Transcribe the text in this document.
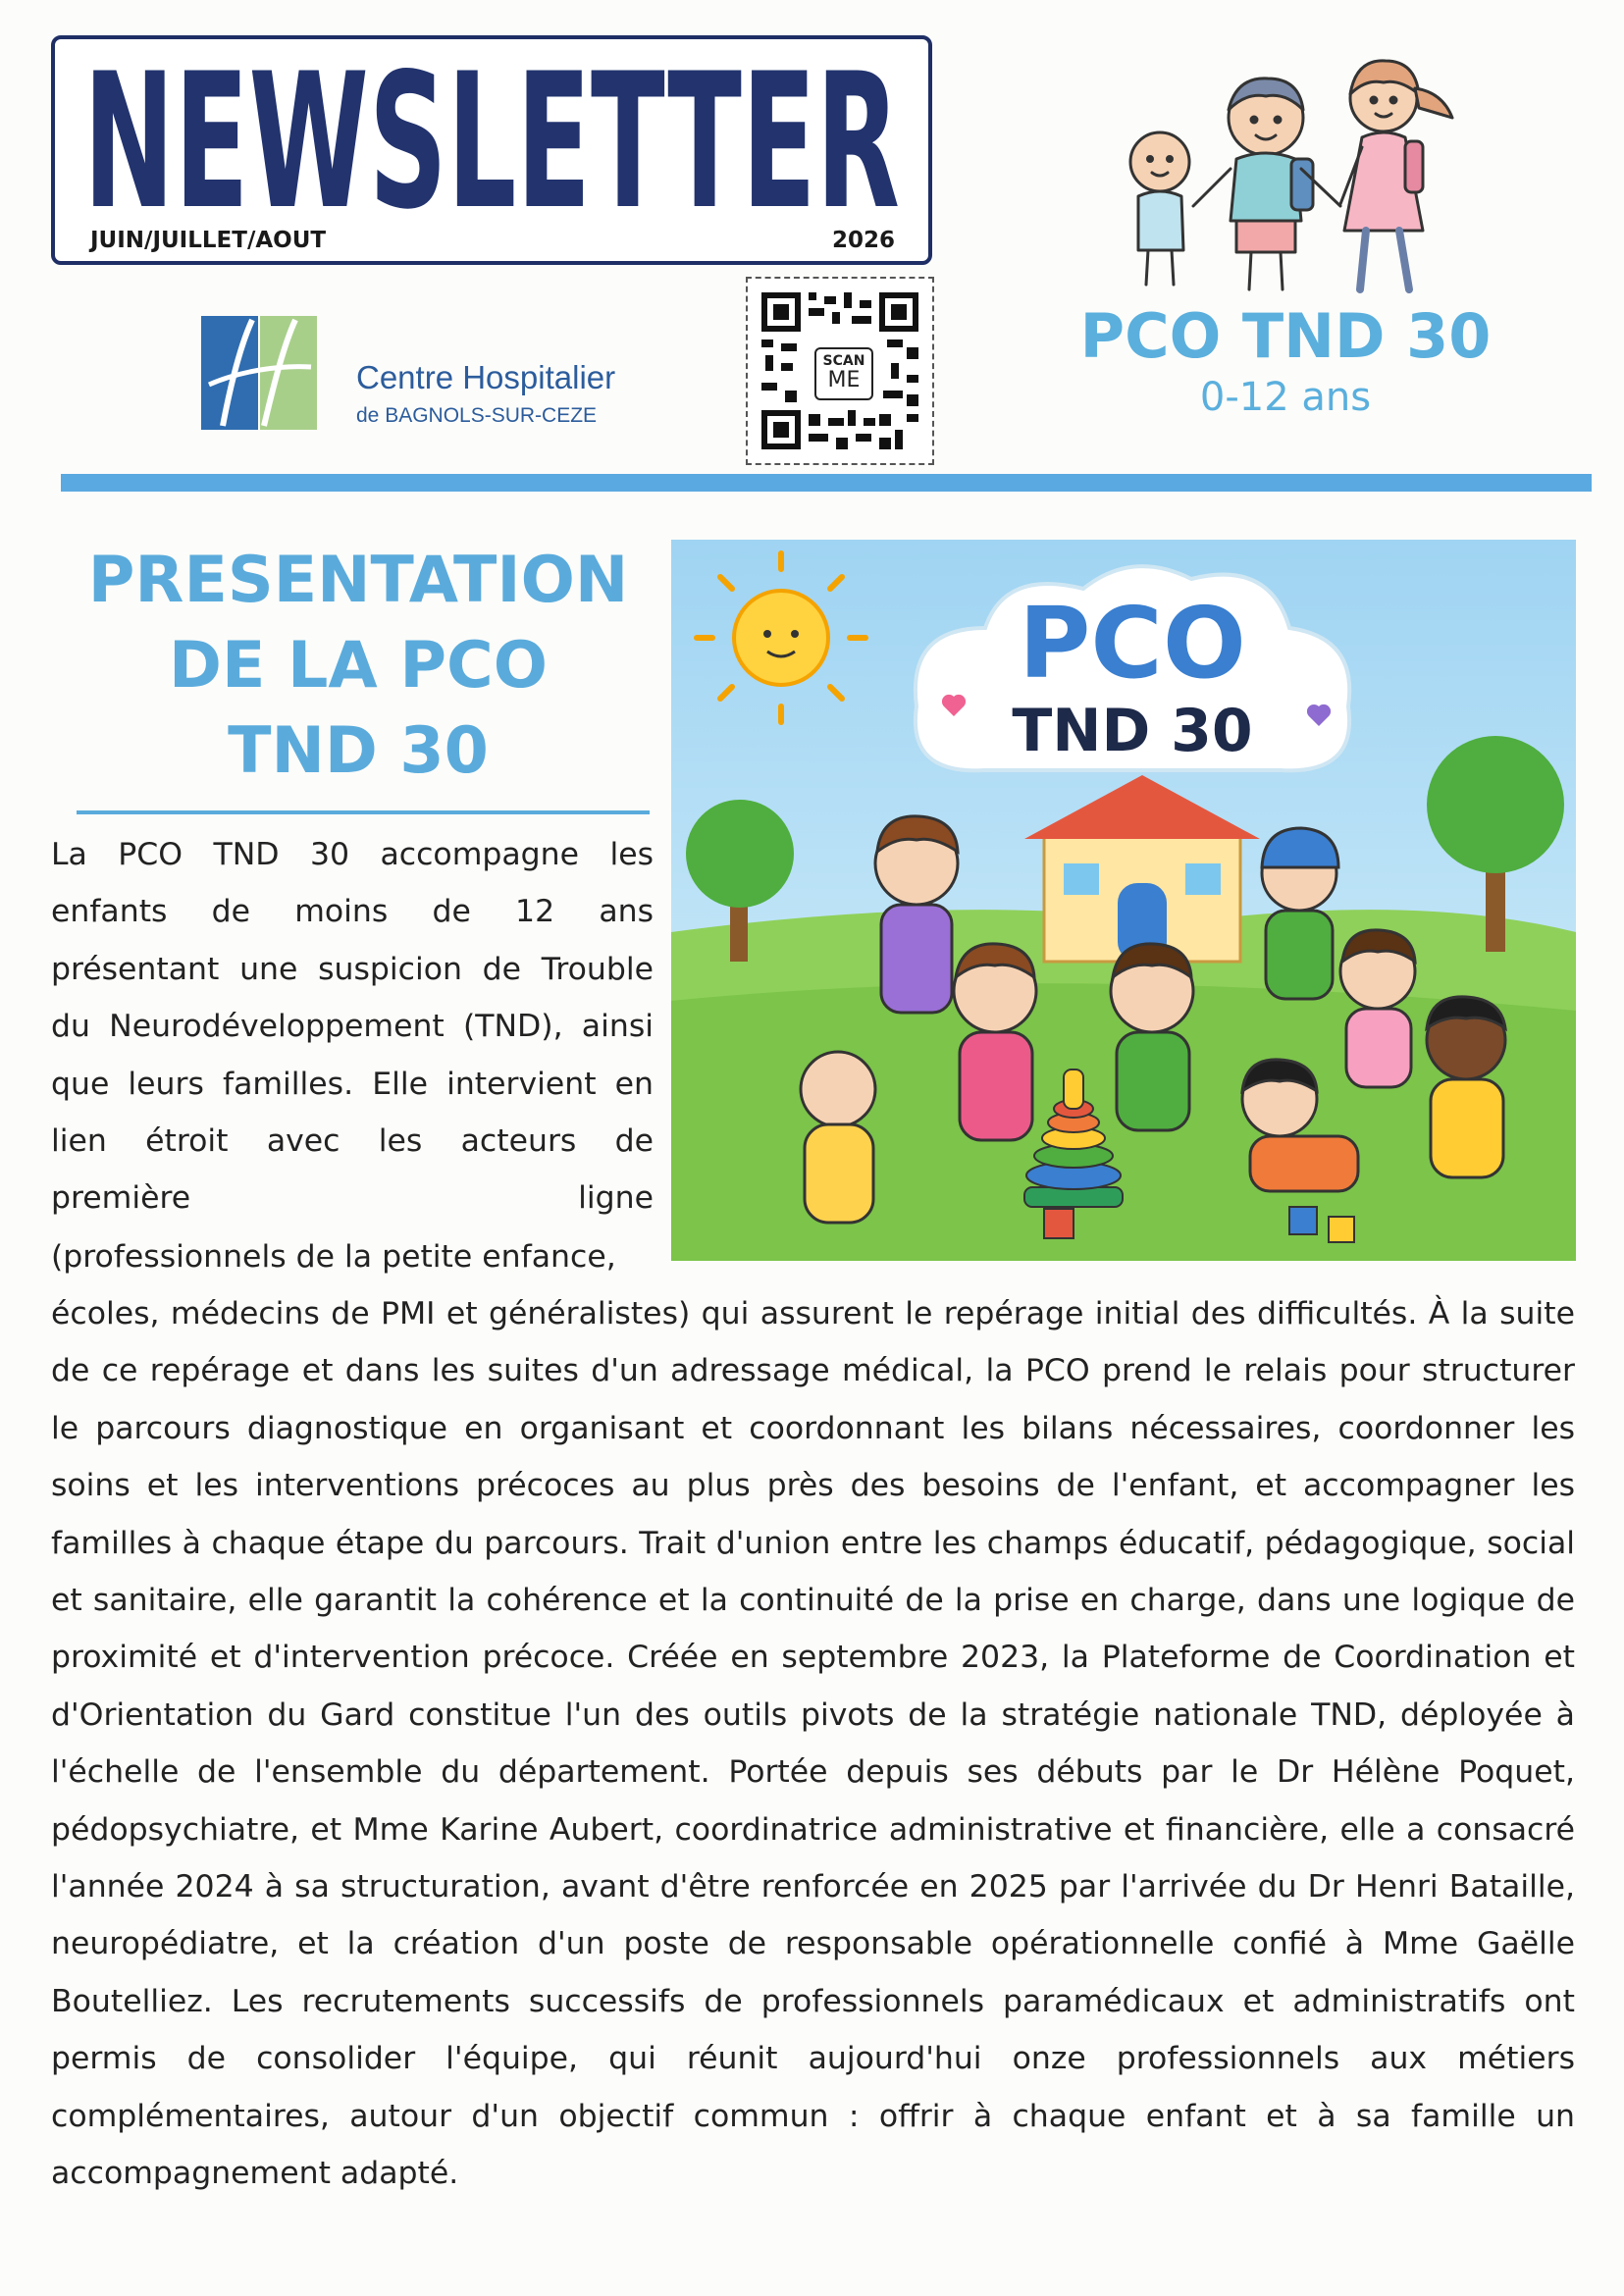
NEWSLETTER
JUIN/JUILLET/AOUT	2026
Centre Hospitalier
de BAGNOLS-SUR-CEZE
SCAN
ME
PCO TND 30
0-12 ans
PRESENTATION
DE LA PCO
TND 30
PCO
TND 30
La PCO TND 30 accompagne les enfants de moins de 12 ans présentant une suspicion de Trouble du Neurodéveloppement (TND), ainsi que leurs familles. Elle intervient en lien étroit avec les acteurs de première ligne
(professionnels de la petite enfance,
écoles, médecins de PMI et généralistes) qui assurent le repérage initial des difficultés. À la suite de ce repérage et dans les suites d'un adressage médical, la PCO prend le relais pour structurer le parcours diagnostique en organisant et coordonnant les bilans nécessaires, coordonner les soins et les interventions précoces au plus près des besoins de l'enfant, et accompagner les familles à chaque étape du parcours. Trait d'union entre les champs éducatif, pédagogique, social et sanitaire, elle garantit la cohérence et la continuité de la prise en charge, dans une logique de proximité et d'intervention précoce. Créée en septembre 2023, la Plateforme de Coordination et d'Orientation du Gard constitue l'un des outils pivots de la stratégie nationale TND, déployée à l'échelle de l'ensemble du département. Portée depuis ses débuts par le Dr Hélène Poquet, pédopsychiatre, et Mme Karine Aubert, coordinatrice administrative et financière, elle a consacré l'année 2024 à sa structuration, avant d'être renforcée en 2025 par l'arrivée du Dr Henri Bataille, neuropédiatre, et la création d'un poste de responsable opérationnelle confié à Mme Gaëlle Boutelliez. Les recrutements successifs de professionnels paramédicaux et administratifs ont permis de consolider l'équipe, qui réunit aujourd'hui onze professionnels aux métiers complémentaires, autour d'un objectif commun : offrir à chaque enfant et à sa famille un accompagnement adapté.
